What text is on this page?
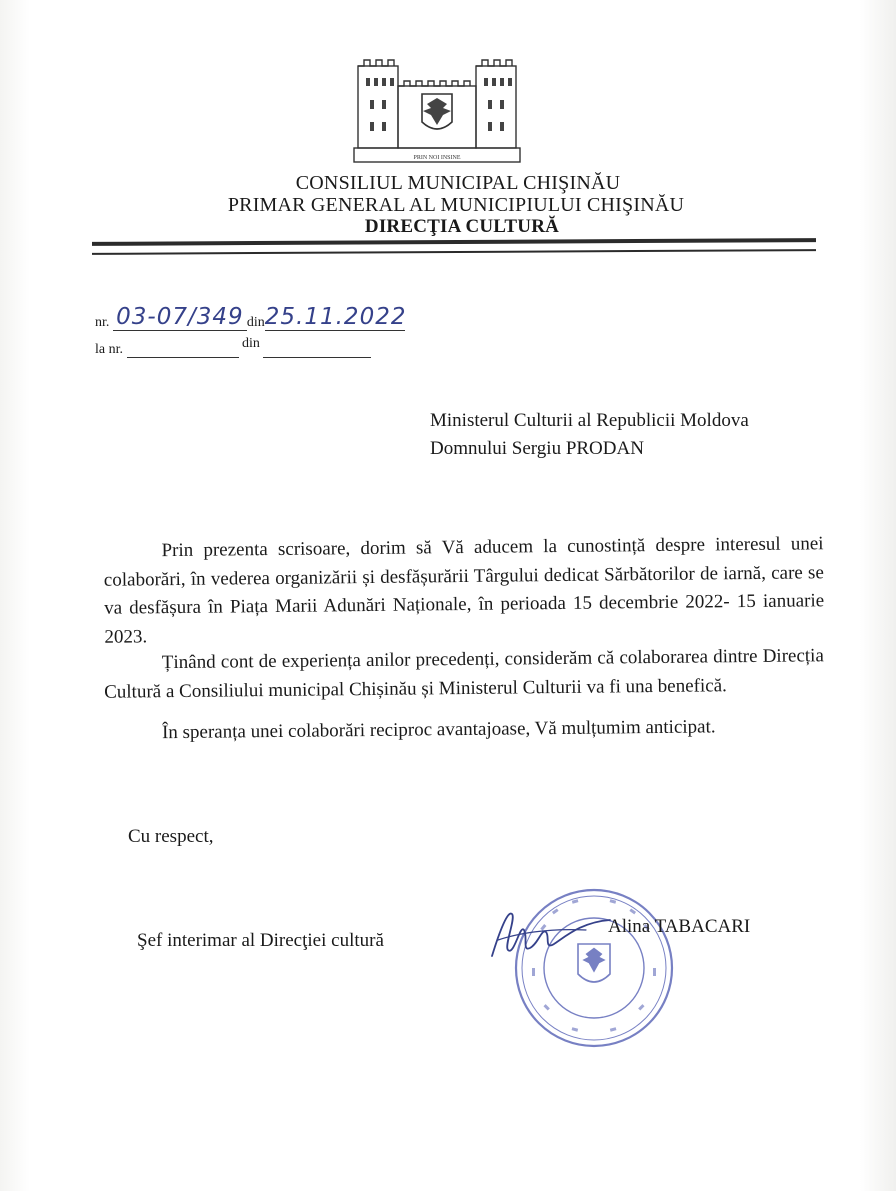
PRIN NOI INSINE
CONSILIUL MUNICIPAL CHIŞINĂU
PRIMAR GENERAL AL MUNICIPIULUI CHIŞINĂU
DIRECŢIA CULTURĂ
nr. 03-07/349 din25.11.2022
la nr.	din
Ministerul Culturii al Republicii Moldova
Domnului Sergiu PRODAN
Prin prezenta scrisoare, dorim să Vă aducem la cunostință despre interesul unei colaborări, în vederea organizării și desfășurării Târgului dedicat Sărbătorilor de iarnă, care se va desfășura în Piața Marii Adunări Naționale, în perioada 15 decembrie 2022- 15 ianuarie 2023.
Ținând cont de experiența anilor precedenți, considerăm că colaborarea dintre Direcția Cultură a Consiliului municipal Chișinău și Ministerul Culturii va fi una benefică.
În speranța unei colaborări reciproc avantajoase, Vă mulțumim anticipat.
Cu respect,
Şef interimar al Direcţiei cultură
Alina TABACARI
